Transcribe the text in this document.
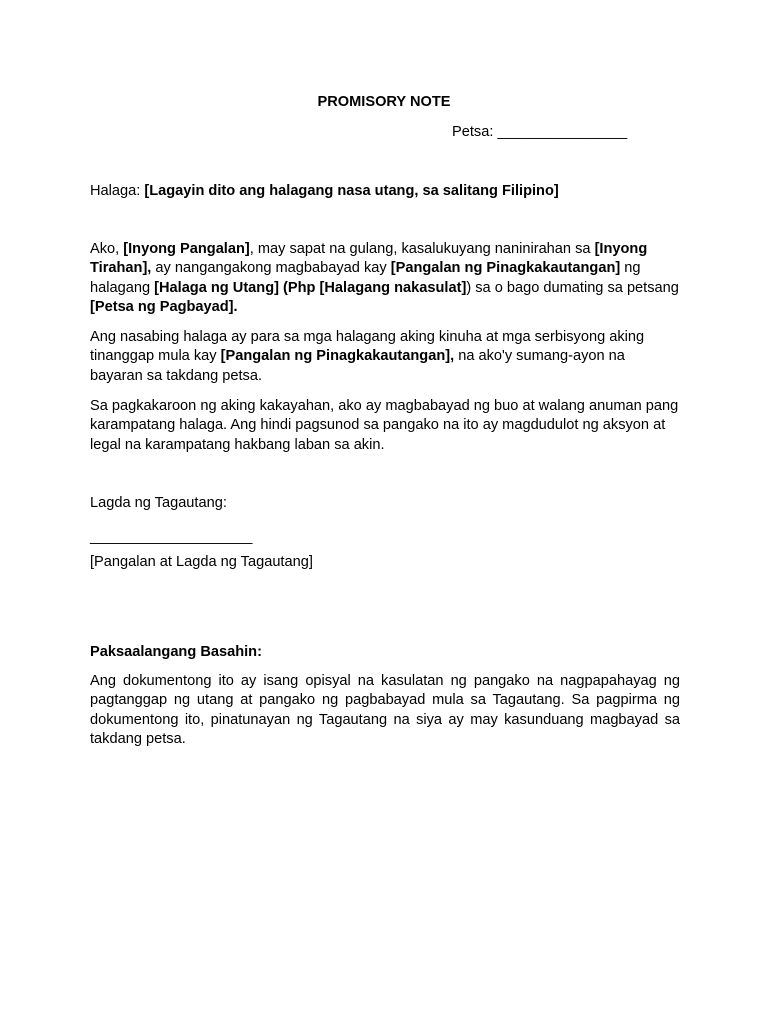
PROMISORY NOTE
Petsa: ________________
Halaga: [Lagayin dito ang halagang nasa utang, sa salitang Filipino]

Ako, [Inyong Pangalan], may sapat na gulang, kasalukuyang naninirahan sa [Inyong Tirahan], ay nangangakong magbabayad kay [Pangalan ng Pinagkakautangan] ng halagang [Halaga ng Utang] (Php [Halagang nakasulat]) sa o bago dumating sa petsang [Petsa ng Pagbayad].

Ang nasabing halaga ay para sa mga halagang aking kinuha at mga serbisyong aking tinanggap mula kay [Pangalan ng Pinagkakautangan], na ako'y sumang-ayon na bayaran sa takdang petsa.

Sa pagkakaroon ng aking kakayahan, ako ay magbabayad ng buo at walang anuman pang karampatang halaga. Ang hindi pagsunod sa pangako na ito ay magdudulot ng aksyon at legal na karampatang hakbang laban sa akin.

Lagda ng Tagautang:

____________________

[Pangalan at Lagda ng Tagautang]

Paksaalangang Basahin:

Ang dokumentong ito ay isang opisyal na kasulatan ng pangako na nagpapahayag ng pagtanggap ng utang at pangako ng pagbabayad mula sa Tagautang. Sa pagpirma ng dokumentong ito, pinatunayan ng Tagautang na siya ay may kasunduang magbayad sa takdang petsa.
